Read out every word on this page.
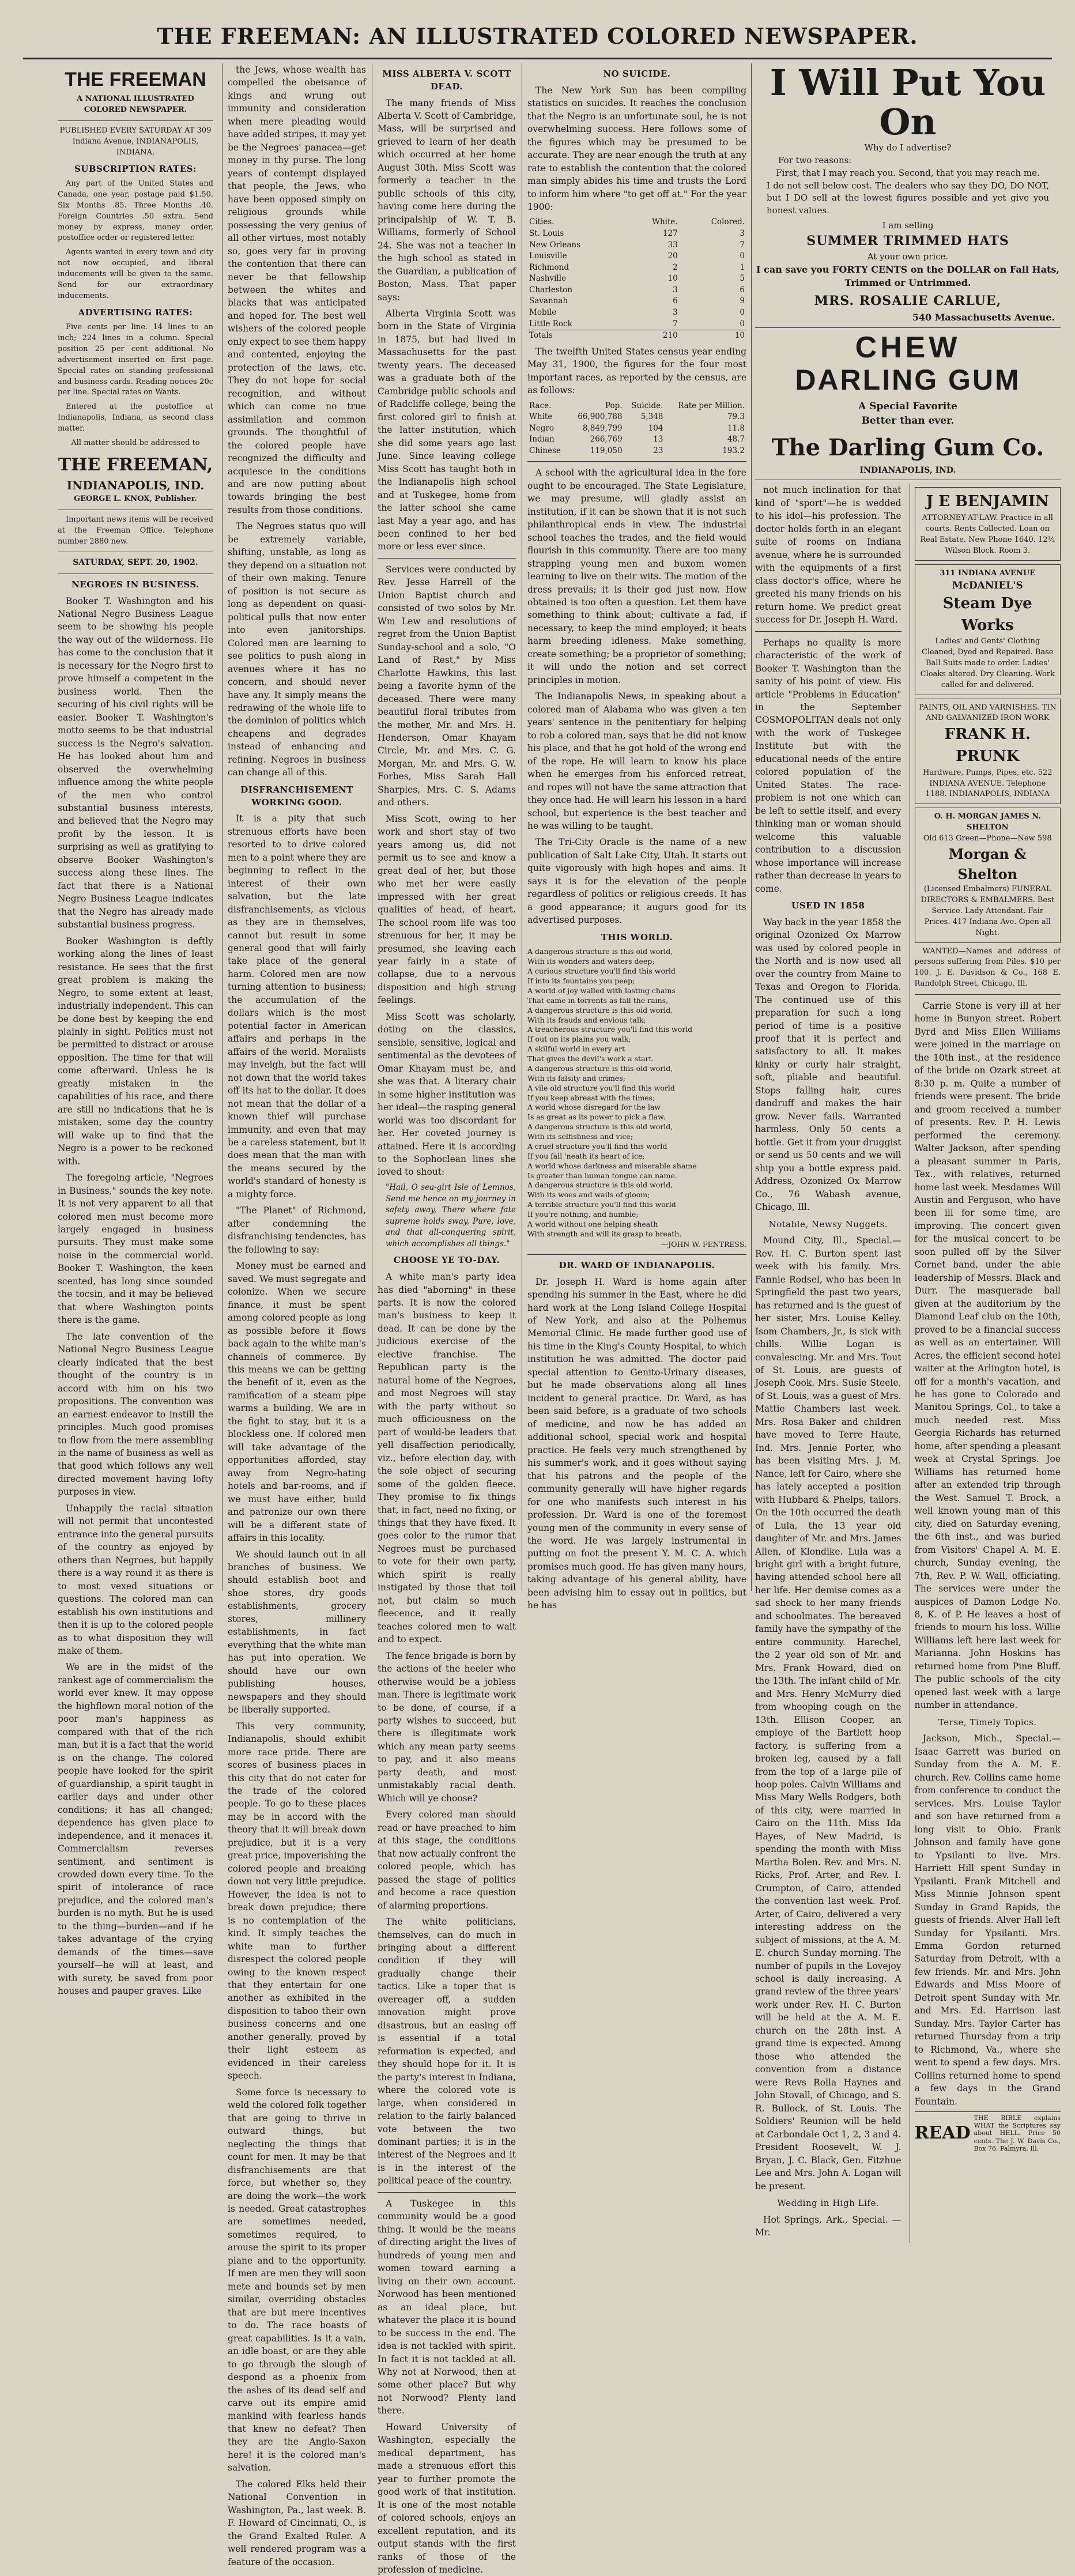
THE FREEMAN: AN ILLUSTRATED COLORED NEWSPAPER.
THE FREEMAN
A NATIONAL ILLUSTRATED COLORED NEWSPAPER.

PUBLISHED EVERY SATURDAY AT 309 Indiana Avenue, INDIANAPOLIS, INDIANA.

SUBSCRIPTION RATES:

Any part of the United States and Canada, one year, postage paid $1.50. Six Months .85. Three Months .40. Foreign Countries .50 extra. Send money by express, money order, postoffice order or registered letter.

Agents wanted in every town and city not now occupied, and liberal inducements will be given to the same. Send for our extraordinary inducements.

ADVERTISING RATES:

Five cents per line. 14 lines to an inch; 224 lines in a column. Special position 25 per cent additional. No advertisement inserted on first page. Special rates on standing professional and business cards. Reading notices 20c per line. Special rates on Wants.

Entered at the postoffice at Indianapolis, Indiana, as second class matter.

All matter should be addressed to

THE FREEMAN,
INDIANAPOLIS, IND.
GEORGE L. KNOX, Publisher.

Important news items will be received at the Freeman Office. Telephone number 2880 new.

SATURDAY, SEPT. 20, 1902.
NEGROES IN BUSINESS.

Booker T. Washington and his National Negro Business League seem to be showing his people the way out of the wilderness. He has come to the conclusion that it is necessary for the Negro first to prove himself a competent in the business world. Then the securing of his civil rights will be easier. Booker T. Washington's motto seems to be that industrial success is the Negro's salvation. He has looked about him and observed the overwhelming influence among the white people of the men who control substantial business interests, and believed that the Negro may profit by the lesson. It is surprising as well as gratifying to observe Booker Washington's success along these lines. The fact that there is a National Negro Business League indicates that the Negro has already made substantial business progress.

Booker Washington is deftly working along the lines of least resistance. He sees that the first great problem is making the Negro, to some extent at least, industrially independent. This can be done best by keeping the end plainly in sight. Politics must not be permitted to distract or arouse opposition. The time for that will come afterward. Unless he is greatly mistaken in the capabilities of his race, and there are still no indications that he is mistaken, some day the country will wake up to find that the Negro is a power to be reckoned with.

The foregoing article, "Negroes in Business," sounds the key note. It is not very apparent to all that colored men must become more largely engaged in business pursuits. They must make some noise in the commercial world. Booker T. Washington, the keen scented, has long since sounded the tocsin, and it may be believed that where Washington points there is the game.

The late convention of the National Negro Business League clearly indicated that the best thought of the country is in accord with him on his two propositions. The convention was an earnest endeavor to instill the principles. Much good promises to flow from the mere assembling in the name of business as well as that good which follows any well directed movement having lofty purposes in view.

Unhappily the racial situation will not permit that uncontested entrance into the general pursuits of the country as enjoyed by others than Negroes, but happily there is a way round it as there is to most vexed situations or questions. The colored man can establish his own institutions and then it is up to the colored people as to what disposition they will make of them.

We are in the midst of the rankest age of commercialism the world ever knew. It may oppose the highflown moral notion of the poor man's happiness as compared with that of the rich man, but it is a fact that the world is on the change. The colored people have looked for the spirit of guardianship, a spirit taught in earlier days and under other conditions; it has all changed; dependence has given place to independence, and it menaces it. Commercialism reverses sentiment, and sentiment is crowded down every time. To the spirit of intolerance of race prejudice, and the colored man's burden is no myth. But he is used to the thing—burden—and if he takes advantage of the crying demands of the times—save yourself—he will at least, and with surety, be saved from poor houses and pauper graves. Like

the Jews, whose wealth has compelled the obeisance of kings and wrung out immunity and consideration when mere pleading would have added stripes, it may yet be the Negroes' panacea—get money in thy purse. The long years of contempt displayed that people, the Jews, who have been opposed simply on religious grounds while possessing the very genius of all other virtues, most notably so, goes very far in proving the contention that there can never be that fellowship between the whites and blacks that was anticipated and hoped for. The best well wishers of the colored people only expect to see them happy and contented, enjoying the protection of the laws, etc. They do not hope for social recognition, and without which can come no true assimilation and common grounds. The thoughtful of the colored people have recognized the difficulty and acquiesce in the conditions and are now putting about towards bringing the best results from those conditions.

The Negroes status quo will be extremely variable, shifting, unstable, as long as they depend on a situation not of their own making. Tenure of position is not secure as long as dependent on quasi-political pulls that now enter into even janitorships. Colored men are learning to see politics to push along in avenues where it has no concern, and should never have any. It simply means the redrawing of the whole life to the dominion of politics which cheapens and degrades instead of enhancing and refining. Negroes in business can change all of this.

DISFRANCHISEMENT WORKING GOOD.

It is a pity that such strenuous efforts have been resorted to to drive colored men to a point where they are beginning to reflect in the interest of their own salvation, but the late disfranchisements, as vicious as they are in themselves, cannot but result in some general good that will fairly take place of the general harm. Colored men are now turning attention to business; the accumulation of the dollars which is the most potential factor in American affairs and perhaps in the affairs of the world. Moralists may inveigh, but the fact will not down that the world takes off its hat to the dollar. It does not mean that the dollar of a known thief will purchase immunity, and even that may be a careless statement, but it does mean that the man with the means secured by the world's standard of honesty is a mighty force.

"The Planet" of Richmond, after condemning the disfranchising tendencies, has the following to say:

Money must be earned and saved. We must segregate and colonize. When we secure finance, it must be spent among colored people as long as possible before it flows back again to the white man's channels of commerce. By this means we can be getting the benefit of it, even as the ramification of a steam pipe warms a building. We are in the fight to stay, but it is a blockless one. If colored men will take advantage of the opportunities afforded, stay away from Negro-hating hotels and bar-rooms, and if we must have either, build and patronize our own there will be a different state of affairs in this locality.

We should launch out in all branches of business. We should establish boot and shoe stores, dry goods establishments, grocery stores, millinery establishments, in fact everything that the white man has put into operation. We should have our own publishing houses, newspapers and they should be liberally supported.

This very community, Indianapolis, should exhibit more race pride. There are scores of business places in this city that do not cater for the trade of the colored people. To go to these places may be in accord with the theory that it will break down prejudice, but it is a very great price, impoverishing the colored people and breaking down not very little prejudice. However, the idea is not to break down prejudice; there is no contemplation of the kind. It simply teaches the white man to further disrespect the colored people owing to the known respect that they entertain for one another as exhibited in the disposition to taboo their own business concerns and one another generally, proved by their light esteem as evidenced in their careless speech.

Some force is necessary to weld the colored folk together that are going to thrive in outward things, but neglecting the things that count for men. It may be that disfranchisements are that force, but whether so, they are doing the work—the work is needed. Great catastrophes are sometimes needed, sometimes required, to arouse the spirit to its proper plane and to the opportunity. If men are men they will soon mete and bounds set by men similar, overriding obstacles that are but mere incentives to do. The race boasts of great capabilities. Is it a vain, an idle boast, or are they able to go through the slough of despond as a phoenix from the ashes of its dead self and carve out its empire amid mankind with fearless hands that knew no defeat? Then they are the Anglo-Saxon here! it is the colored man's salvation.

The colored Elks held their National Convention in Washington, Pa., last week. B. F. Howard of Cincinnati, O., is the Grand Exalted Ruler. A well rendered program was a feature of the occasion.

MISS ALBERTA V. SCOTT DEAD.

The many friends of Miss Alberta V. Scott of Cambridge, Mass, will be surprised and grieved to learn of her death which occurred at her home August 30th. Miss Scott was formerly a teacher in the public schools of this city, having come here during the principalship of W. T. B. Williams, formerly of School 24. She was not a teacher in the high school as stated in the Guardian, a publication of Boston, Mass. That paper says:

Alberta Virginia Scott was born in the State of Virginia in 1875, but had lived in Massachusetts for the past twenty years. The deceased was a graduate both of the Cambridge public schools and of Radcliffe college, being the first colored girl to finish at the latter institution, which she did some years ago last June. Since leaving college Miss Scott has taught both in the Indianapolis high school and at Tuskegee, home from the latter school she came last May a year ago, and has been confined to her bed more or less ever since.

Services were conducted by Rev. Jesse Harrell of the Union Baptist church and consisted of two solos by Mr. Wm Lew and resolutions of regret from the Union Baptist Sunday-school and a solo, "O Land of Rest," by Miss Charlotte Hawkins, this last being a favorite hymn of the deceased. There were many beautiful floral tributes from the mother, Mr. and Mrs. H. Henderson, Omar Khayam Circle, Mr. and Mrs. C. G. Morgan, Mr. and Mrs. G. W. Forbes, Miss Sarah Hall Sharples, Mrs. C. S. Adams and others.

Miss Scott, owing to her work and short stay of two years among us, did not permit us to see and know a great deal of her, but those who met her were easily impressed with her great qualities of head, of heart. The school room life was too strenuous for her, it may be presumed, she leaving each year fairly in a state of collapse, due to a nervous disposition and high strung feelings.

Miss Scott was scholarly, doting on the classics, sensible, sensitive, logical and sentimental as the devotees of Omar Khayam must be, and she was that. A literary chair in some higher institution was her ideal—the rasping general world was too discordant for her. Her coveted journey is attained. Here it is according to the Sophoclean lines she loved to shout:

"Hail, O sea-girt Isle of Lemnos, Send me hence on my journey in safety away, There where fate supreme holds sway, Pure, love, and that all-conquering spirit, which accomplishes all things."

CHOOSE YE TO-DAY.

A white man's party idea has died "aborning" in these parts. It is now the colored man's business to keep it dead. It can be done by the judicious exercise of the elective franchise. The Republican party is the natural home of the Negroes, and most Negroes will stay with the party without so much officiousness on the part of would-be leaders that yell disaffection periodically, viz., before election day, with the sole object of securing some of the golden fleece. They promise to fix things that, in fact, need no fixing, or things that they have fixed. It goes color to the rumor that Negroes must be purchased to vote for their own party, which spirit is really instigated by those that toil not, but claim so much fleecence, and it really teaches colored men to wait and to expect.

The fence brigade is born by the actions of the heeler who otherwise would be a jobless man. There is legitimate work to be done, of course, if a party wishes to succeed, but there is illegitimate work which any mean party seems to pay, and it also means party death, and most unmistakably racial death. Which will ye choose?

Every colored man should read or have preached to him at this stage, the conditions that now actually confront the colored people, which has passed the stage of politics and become a race question of alarming proportions.

The white politicians, themselves, can do much in bringing about a different condition if they will gradually change their tactics. Like a toper that is overeager off, a sudden innovation might prove disastrous, but an easing off is essential if a total reformation is expected, and they should hope for it. It is the party's interest in Indiana, where the colored vote is large, when considered in relation to the fairly balanced vote between the two dominant parties; it is in the interest of the Negroes and it is in the interest of the political peace of the country.

A Tuskegee in this community would be a good thing. It would be the means of directing aright the lives of hundreds of young men and women toward earning a living on their own account. Norwood has been mentioned as an ideal place, but whatever the place it is bound to be success in the end. The idea is not tackled with spirit. In fact it is not tackled at all. Why not at Norwood, then at some other place? But why not Norwood? Plenty land there.

Howard University of Washington, especially the medical department, has made a strenuous effort this year to further promote the good work of that institution. It is one of the most notable of colored schools, enjoys an excellent reputation, and its output stands with the first ranks of those of the profession of medicine.

NO SUICIDE.

The New York Sun has been compiling statistics on suicides. It reaches the conclusion that the Negro is an unfortunate soul, he is not overwhelming success. Here follows some of the figures which may be presumed to be accurate. They are near enough the truth at any rate to establish the contention that the colored man simply abides his time and trusts the Lord to inform him where "to get off at." For the year 1900:

Cities.	White.	Colored.
St. Louis	127	3
New Orleans	33	7
Louisville	20	0
Richmond	2	1
Nashville	10	5
Charleston	3	6
Savannah	6	9
Mobile	3	0
Little Rock	7	0
Totals	210	10

The twelfth United States census year ending May 31, 1900, the figures for the four most important races, as reported by the census, are as follows:

Race.	Pop.	Suicide.	Rate per Million.
White	66,900,788	5,348	79.3
Negro	8,849,799	104	11.8
Indian	266,769	13	48.7
Chinese	119,050	23	193.2

A school with the agricultural idea in the fore ought to be encouraged. The State Legislature, we may presume, will gladly assist an institution, if it can be shown that it is not such philanthropical ends in view. The industrial school teaches the trades, and the field would flourish in this community. There are too many strapping young men and buxom women learning to live on their wits. The motion of the dress prevails; it is their god just now. How obtained is too often a question. Let them have something to think about; cultivate a fad, if necessary, to keep the mind employed; it beats harm breeding idleness. Make something, create something; be a proprietor of something; it will undo the notion and set correct principles in motion.

The Indianapolis News, in speaking about a colored man of Alabama who was given a ten years' sentence in the penitentiary for helping to rob a colored man, says that he did not know his place, and that he got hold of the wrong end of the rope. He will learn to know his place when he emerges from his enforced retreat, and ropes will not have the same attraction that they once had. He will learn his lesson in a hard school, but experience is the best teacher and he was willing to be taught.

The Tri-City Oracle is the name of a new publication of Salt Lake City, Utah. It starts out quite vigorously with high hopes and aims. It says it is for the elevation of the people regardless of politics or religious creeds. It has a good appearance; it augurs good for its advertised purposes.

THIS WORLD.
A dangerous structure is this old world,
With its wonders and waters deep;
A curious structure you'll find this world
If into its fountains you peep;
A world of joy walled with lasting chains
That came in torrents as fall the rains,
A dangerous structure is this old world,
With its frauds and envious talk;
A treacherous structure you'll find this world
If out on its plains you walk;
A skilful world in every art
That gives the devil's work a start.
A dangerous structure is this old world,
With its falsity and crimes;
A vile old structure you'll find this world
If you keep abreast with the times;
A world whose disregard for the law
Is as great as its power to pick a flaw.
A dangerous structure is this old world,
With its selfishness and vice;
A cruel structure you'll find this world
If you fall 'neath its heart of ice;
A world whose darkness and miserable shame
Is greater than human tongue can name.
A dangerous structure is this old world,
With its woes and wails of gloom;
A terrible structure you'll find this world
If you're nothing, and humble;
A world without one helping sheath
With strength and will its grasp to breath.
—JOHN W. FENTRESS.
DR. WARD OF INDIANAPOLIS.

Dr. Joseph H. Ward is home again after spending his summer in the East, where he did hard work at the Long Island College Hospital of New York, and also at the Polhemus Memorial Clinic. He made further good use of his time in the King's County Hospital, to which institution he was admitted. The doctor paid special attention to Genito-Urinary diseases, but he made observations along all lines incident to general practice. Dr. Ward, as has been said before, is a graduate of two schools of medicine, and now he has added an additional school, special work and hospital practice. He feels very much strengthened by his summer's work, and it goes without saying that his patrons and the people of the community generally will have higher regards for one who manifests such interest in his profession. Dr. Ward is one of the foremost young men of the community in every sense of the word. He was largely instrumental in putting on foot the present Y. M. C. A. which promises much good. He has given many hours, taking advantage of his general ability, have been advising him to essay out in politics, but he has

I Will Put You On
Why do I advertise?
For two reasons:
First, that I may reach you. Second, that you may reach me.
I do not sell below cost. The dealers who say they DO, DO NOT, but I DO sell at the lowest figures possible and yet give you honest values.
I am selling
SUMMER TRIMMED HATS
At your own price.
I can save you FORTY CENTS on the DOLLAR on Fall Hats, Trimmed or Untrimmed.
MRS. ROSALIE CARLUE,
540 Massachusetts Avenue.
CHEW
DARLING GUM
A Special Favorite
Better than ever.
The Darling Gum Co.
INDIANAPOLIS, IND.

not much inclination for that kind of "sport"—he is wedded to his idol—his profession. The doctor holds forth in an elegant suite of rooms on Indiana avenue, where he is surrounded with the equipments of a first class doctor's office, where he greeted his many friends on his return home. We predict great success for Dr. Joseph H. Ward.

Perhaps no quality is more characteristic of the work of Booker T. Washington than the sanity of his point of view. His article "Problems in Education" in the September COSMOPOLITAN deals not only with the work of Tuskegee Institute but with the educational needs of the entire colored population of the United States. The race-problem is not one which can be left to settle itself, and every thinking man or woman should welcome this valuable contribution to a discussion whose importance will increase rather than decrease in years to come.

USED IN 1858

Way back in the year 1858 the original Ozonized Ox Marrow was used by colored people in the North and is now used all over the country from Maine to Texas and Oregon to Florida. The continued use of this preparation for such a long period of time is a positive proof that it is perfect and satisfactory to all. It makes kinky or curly hair straight, soft, pliable and beautiful. Stops falling hair, cures dandruff and makes the hair grow. Never fails. Warranted harmless. Only 50 cents a bottle. Get it from your druggist or send us 50 cents and we will ship you a bottle express paid. Address, Ozonized Ox Marrow Co., 76 Wabash avenue, Chicago, Ill.

Notable, Newsy Nuggets.

Mound City, Ill., Special.—Rev. H. C. Burton spent last week with his family. Mrs. Fannie Rodsel, who has been in Springfield the past two years, has returned and is the guest of her sister, Mrs. Louise Kelley. Isom Chambers, Jr., is sick with chills. Willie Logan is convalescing. Mr. and Mrs. Tout of St. Louis, are guests of Joseph Cook. Mrs. Susie Steele, of St. Louis, was a guest of Mrs. Mattie Chambers last week. Mrs. Rosa Baker and children have moved to Terre Haute, Ind. Mrs. Jennie Porter, who has been visiting Mrs. J. M. Nance, left for Cairo, where she has lately accepted a position with Hubbard & Phelps, tailors. On the 10th occurred the death of Lula, the 13 year old daughter of Mr. and Mrs. James Allen, of Klondike. Lula was a bright girl with a bright future, having attended school here all her life. Her demise comes as a sad shock to her many friends and schoolmates. The bereaved family have the sympathy of the entire community. Harechel, the 2 year old son of Mr. and Mrs. Frank Howard, died on the 13th. The infant child of Mr. and Mrs. Henry McMurry died from whooping cough on the 13th. Ellison Cooper, an employe of the Bartlett hoop factory, is suffering from a broken leg, caused by a fall from the top of a large pile of hoop poles. Calvin Williams and Miss Mary Wells Rodgers, both of this city, were married in Cairo on the 11th. Miss Ida Hayes, of New Madrid, is spending the month with Miss Martha Bolen. Rev. and Mrs. N. Ricks, Prof. Arter, and Rev. I. Crumpton, of Cairo, attended the convention last week. Prof. Arter, of Cairo, delivered a very interesting address on the subject of missions, at the A. M. E. church Sunday morning. The number of pupils in the Lovejoy school is daily increasing. A grand review of the three years' work under Rev. H. C. Burton will be held at the A. M. E. church on the 28th inst. A grand time is expected. Among those who attended the convention from a distance were Revs Rolla Haynes and John Stovall, of Chicago, and S. R. Bullock, of St. Louis. The Soldiers' Reunion will be held at Carbondale Oct 1, 2, 3 and 4. President Roosevelt, W. J. Bryan, J. C. Black, Gen. Fitzhue Lee and Mrs. John A. Logan will be present.

Wedding in High Life.

Hot Springs, Ark., Special. — Mr.

J E BENJAMIN
ATTORNEY-AT-LAW. Practice in all courts. Rents Collected. Loan on Real Estate. New Phone 1640. 12½ Wilson Block. Room 3.
311 INDIANA AVENUE
McDANIEL'S
Steam Dye Works
Ladies' and Gents' Clothing Cleaned, Dyed and Repaired. Base Ball Suits made to order. Ladies' Cloaks altered. Dry Cleaning. Work called for and delivered.
PAINTS, OIL AND VARNISHES. TIN AND GALVANIZED IRON WORK
FRANK H. PRUNK
Hardware, Pumps, Pipes, etc. 522 INDIANA AVENUE. Telephone 1188. INDIANAPOLIS, INDIANA
O. H. MORGAN JAMES N. SHELTON
Old 613 Green—Phone—New 598
Morgan & Shelton
(Licensed Embalmers) FUNERAL DIRECTORS & EMBALMERS. Best Service. Lady Attendant. Fair Prices. 417 Indiana Ave. Open all Night.

WANTED—Names and address of persons suffering from Piles. $10 per 100. J. E. Davidson & Co., 168 E. Randolph Street, Chicago, Ill.

Carrie Stone is very ill at her home in Bunyon street. Robert Byrd and Miss Ellen Williams were joined in the marriage on the 10th inst., at the residence of the bride on Ozark street at 8:30 p. m. Quite a number of friends were present. The bride and groom received a number of presents. Rev. P. H. Lewis performed the ceremony. Walter Jackson, after spending a pleasant summer in Paris, Tex., with relatives, returned home last week. Mesdames Will Austin and Ferguson, who have been ill for some time, are improving. The concert given for the musical concert to be soon pulled off by the Silver Cornet band, under the able leadership of Messrs. Black and Durr. The masquerade ball given at the auditorium by the Diamond Leaf club on the 10th, proved to be a financial success as well as an entertainer. Will Acres, the efficient second hotel waiter at the Arlington hotel, is off for a month's vacation, and he has gone to Colorado and Manitou Springs, Col., to take a much needed rest. Miss Georgia Richards has returned home, after spending a pleasant week at Crystal Springs. Joe Williams has returned home after an extended trip through the West. Samuel T. Brock, a well known young man of this city, died on Saturday evening, the 6th inst., and was buried from Visitors' Chapel A. M. E. church, Sunday evening, the 7th, Rev. P. W. Wall, officiating. The services were under the auspices of Damon Lodge No. 8, K. of P. He leaves a host of friends to mourn his loss. Willie Williams left here last week for Marianna. John Hoskins has returned home from Pine Bluff. The public schools of the city opened last week with a large number in attendance.

Terse, Timely Topics.

Jackson, Mich., Special.—Isaac Garrett was buried on Sunday from the A. M. E. church. Rev. Collins came home from conference to conduct the services. Mrs. Louise Taylor and son have returned from a long visit to Ohio. Frank Johnson and family have gone to Ypsilanti to live. Mrs. Harriett Hill spent Sunday in Ypsilanti. Frank Mitchell and Miss Minnie Johnson spent Sunday in Grand Rapids, the guests of friends. Alver Hall left Sunday for Ypsilanti. Mrs. Emma Gordon returned Saturday from Detroit, with a few friends. Mr. and Mrs. John Edwards and Miss Moore of Detroit spent Sunday with Mr. and Mrs. Ed. Harrison last Sunday. Mrs. Taylor Carter has returned Thursday from a trip to Richmond, Va., where she went to spend a few days. Mrs. Collins returned home to spend a few days in the Grand Fountain.

READ
THE BIBLE explains WHAT the Scriptures say about HELL. Price 50 cents. The J. W. Davis Co., Box 76, Palmyra, Ill.
